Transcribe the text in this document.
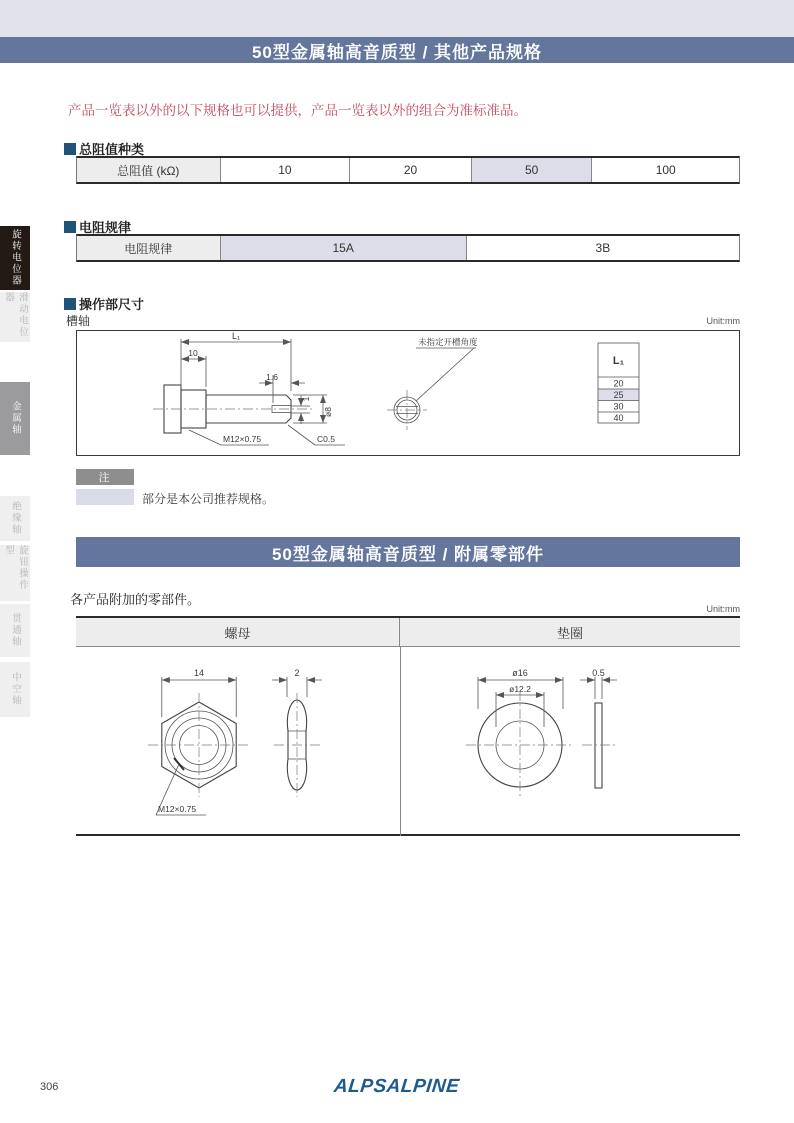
50型金属轴高音质型 / 其他产品规格
产品一览表以外的以下规格也可以提供，产品一览表以外的组合为准标准品。
总阻值种类
总阻值 (kΩ)	10	20	50	100
电阻规律
电阻规律	15A	3B
操作部尺寸
槽轴	Unit:mm
L₁
10
1.6
1
ø8
M12×0.75	C0.5
未指定开槽角度
L₁
20
25
30
40
注
部分是本公司推荐规格。
50型金属轴高音质型 / 附属零部件
各产品附加的零部件。
Unit:mm
螺母	垫圈
14
M12×0.75
2	ø16
ø12.2
0.5
旋转电位器
滑动电位器
金属轴
绝缘轴
旋钮操作型
贯通轴
中空轴
306	ALPSALPINE
